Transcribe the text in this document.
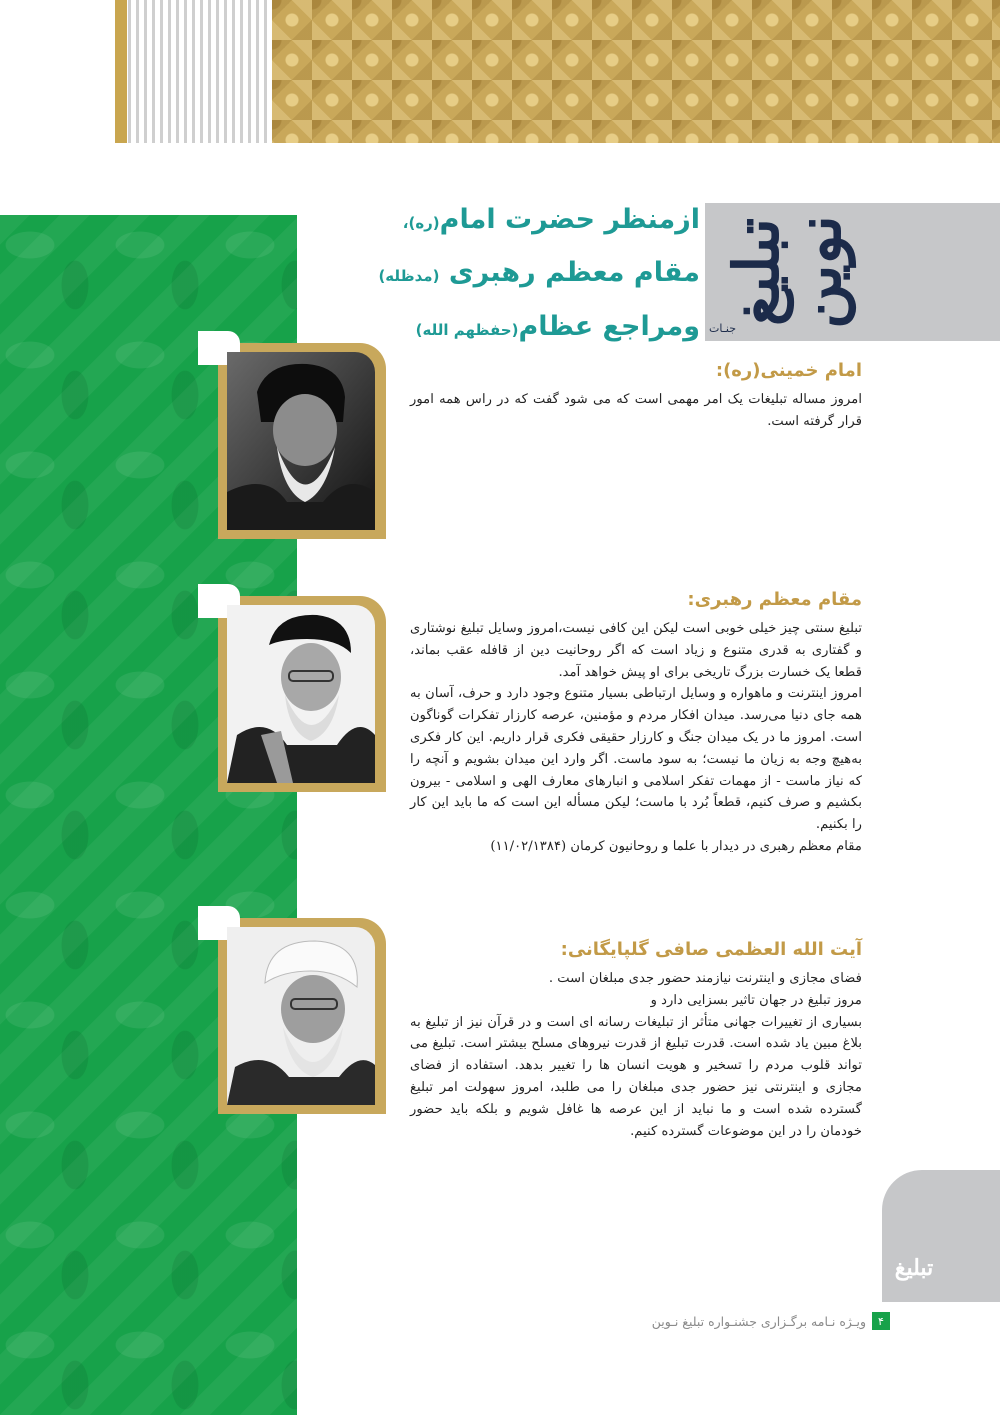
تبلیغ نوین
جنـات
ازمنظر حضرت امام(ره)،
مقام معظم رهبری (مدظله)
ومراجع عظام(حفظهم الله)
امام خمینی(ره):

امروز مساله تبلیغات یک امر مهمی است که می شود گفت که در راس همه امور قرار گرفته است.

مقام معظم رهبری:

تبلیغ سنتی چیز خیلی خوبی است لیکن این کافی نیست،امروز وسایل تبلیغ نوشتاری و گفتاری به قدری متنوع و زیاد است که اگر روحانیت دین از قافله عقب بماند، قطعا یک خسارت بزرگ تاریخی برای او پیش خواهد آمد.

امروز اینترنت و ماهواره و وسایل ارتباطی بسیار متنوع وجود دارد و حرف، آسان به همه جای دنیا می‌رسد. میدان افکار مردم و مؤمنین، عرصه کارزار تفکرات گوناگون است. امروز ما در یک میدان جنگ و کارزار حقیقی فکری قرار داریم. این کار فکری به‌هیچ وجه به زیان ما نیست؛ به سود ماست. اگر وارد این میدان بشویم و آنچه را که نیاز ماست - از مهمات تفکر اسلامی و انبارهای معارف الهی و اسلامی - بیرون بکشیم و صرف کنیم، قطعاً بُرد با ماست؛ لیکن مسأله این است که ما باید این کار را بکنیم.

مقام معظم رهبری در دیدار با علما و روحانیون کرمان (۱۱/۰۲/۱۳۸۴)

آیت الله العظمی صافی گلپایگانی:

فضای مجازی و اینترنت نیازمند حضور جدی مبلغان است .

مروز تبلیغ در جهان تاثیر بسزایی دارد و

بسیاری از تغییرات جهانی متأثر از تبلیغات رسانه ای است و در قرآن نیز از تبلیغ به بلاغ مبین یاد شده است. قدرت تبلیغ از قدرت نیروهای مسلح بیشتر است. تبلیغ می تواند قلوب مردم را تسخیر و هویت انسان ها را تغییر بدهد. استفاده از فضای مجازی و اینترنتی نیز حضور جدی مبلغان را می طلبد، امروز سهولت امر تبلیغ گسترده شده است و ما نباید از این عرصه ها غافل شویم و بلکه باید حضور خودمان را در این موضوعات گسترده کنیم.

تبلیغ
۴
ویـژه نـامه برگـزاری جشنـواره تبلیغ نـوین
